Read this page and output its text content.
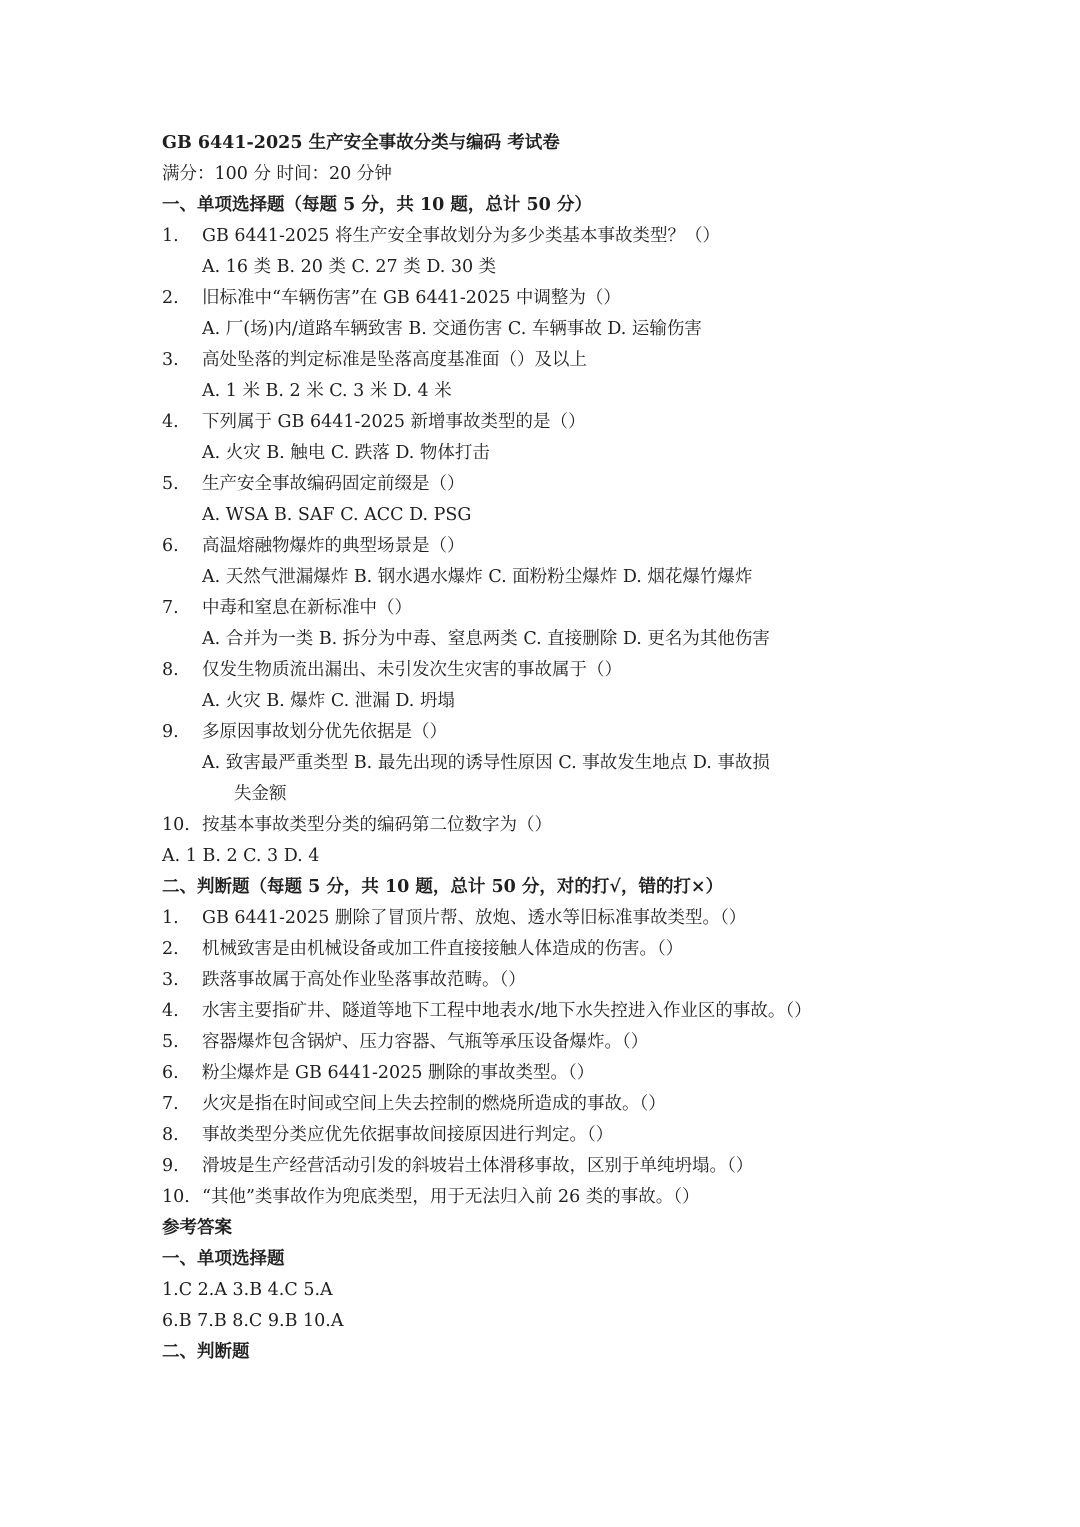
GB 6441-2025 生产安全事故分类与编码 考试卷
满分：100 分 时间：20 分钟
一、单项选择题（每题 5 分，共 10 题，总计 50 分）
1.	GB 6441-2025 将生产安全事故划分为多少类基本事故类型？（）
A. 16 类 B. 20 类 C. 27 类 D. 30 类
2.	旧标准中“车辆伤害”在 GB 6441-2025 中调整为（）
A. 厂(场)内/道路车辆致害 B. 交通伤害 C. 车辆事故 D. 运输伤害
3.	高处坠落的判定标准是坠落高度基准面（）及以上
A. 1 米 B. 2 米 C. 3 米 D. 4 米
4.	下列属于 GB 6441-2025 新增事故类型的是（）
A. 火灾 B. 触电 C. 跌落 D. 物体打击
5.	生产安全事故编码固定前缀是（）
A. WSA B. SAF C. ACC D. PSG
6.	高温熔融物爆炸的典型场景是（）
A. 天然气泄漏爆炸 B. 钢水遇水爆炸 C. 面粉粉尘爆炸 D. 烟花爆竹爆炸
7.	中毒和窒息在新标准中（）
A. 合并为一类 B. 拆分为中毒、窒息两类 C. 直接删除 D. 更名为其他伤害
8.	仅发生物质流出漏出、未引发次生灾害的事故属于（）
A. 火灾 B. 爆炸 C. 泄漏 D. 坍塌
9.	多原因事故划分优先依据是（）
A. 致害最严重类型 B. 最先出现的诱导性原因 C. 事故发生地点 D. 事故损
失金额
10. 按基本事故类型分类的编码第二位数字为（）
A. 1 B. 2 C. 3 D. 4
二、判断题（每题 5 分，共 10 题，总计 50 分，对的打√，错的打×）
1.	GB 6441-2025 删除了冒顶片帮、放炮、透水等旧标准事故类型。（）
2.	机械致害是由机械设备或加工件直接接触人体造成的伤害。（）
3.	跌落事故属于高处作业坠落事故范畴。（）
4.	水害主要指矿井、隧道等地下工程中地表水/地下水失控进入作业区的事故。（）
5.	容器爆炸包含锅炉、压力容器、气瓶等承压设备爆炸。（）
6.	粉尘爆炸是 GB 6441-2025 删除的事故类型。（）
7.	火灾是指在时间或空间上失去控制的燃烧所造成的事故。（）
8.	事故类型分类应优先依据事故间接原因进行判定。（）
9.	滑坡是生产经营活动引发的斜坡岩土体滑移事故，区别于单纯坍塌。（）
10. “其他”类事故作为兜底类型，用于无法归入前 26 类的事故。（）
参考答案
一、单项选择题
1.C 2.A 3.B 4.C 5.A
6.B 7.B 8.C 9.B 10.A
二、判断题
